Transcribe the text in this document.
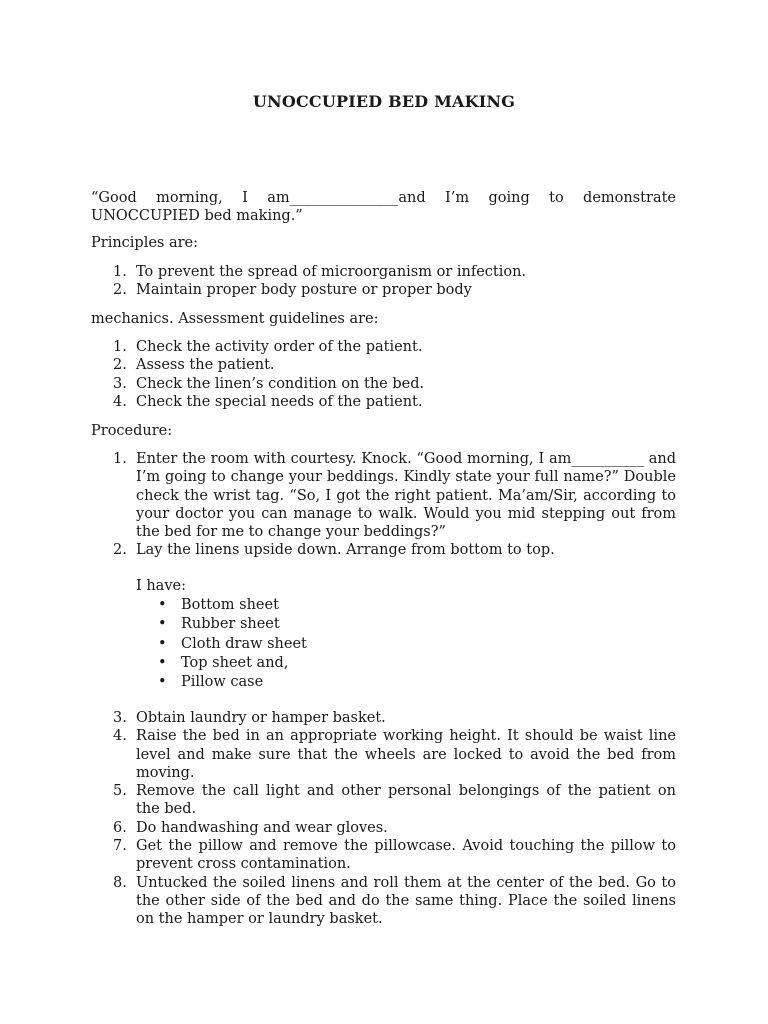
UNOCCUPIED BED MAKING

“Good morning, I am_______________and I’m going to demonstrate UNOCCUPIED bed making.”

Principles are:

1. To prevent the spread of microorganism or infection.
2. Maintain proper body posture or proper body

mechanics. Assessment guidelines are:

1. Check the activity order of the patient.
2. Assess the patient.
3. Check the linen’s condition on the bed.
4. Check the special needs of the patient.

Procedure:

1. Enter the room with courtesy. Knock. “Good morning, I am__________ and I’m going to change your beddings. Kindly state your full name?” Double check the wrist tag. “So, I got the right patient. Ma’am/Sir, according to your doctor you can manage to walk. Would you mid stepping out from the bed for me to change your beddings?”
2. Lay the linens upside down. Arrange from bottom to top.

I have:

• Bottom sheet
• Rubber sheet
• Cloth draw sheet
• Top sheet and,
• Pillow case
3. Obtain laundry or hamper basket.
4. Raise the bed in an appropriate working height. It should be waist line level and make sure that the wheels are locked to avoid the bed from moving.
5. Remove the call light and other personal belongings of the patient on the bed.
6. Do handwashing and wear gloves.
7. Get the pillow and remove the pillowcase. Avoid touching the pillow to prevent cross contamination.
8. Untucked the soiled linens and roll them at the center of the bed. Go to the other side of the bed and do the same thing. Place the soiled linens on the hamper or laundry basket.
